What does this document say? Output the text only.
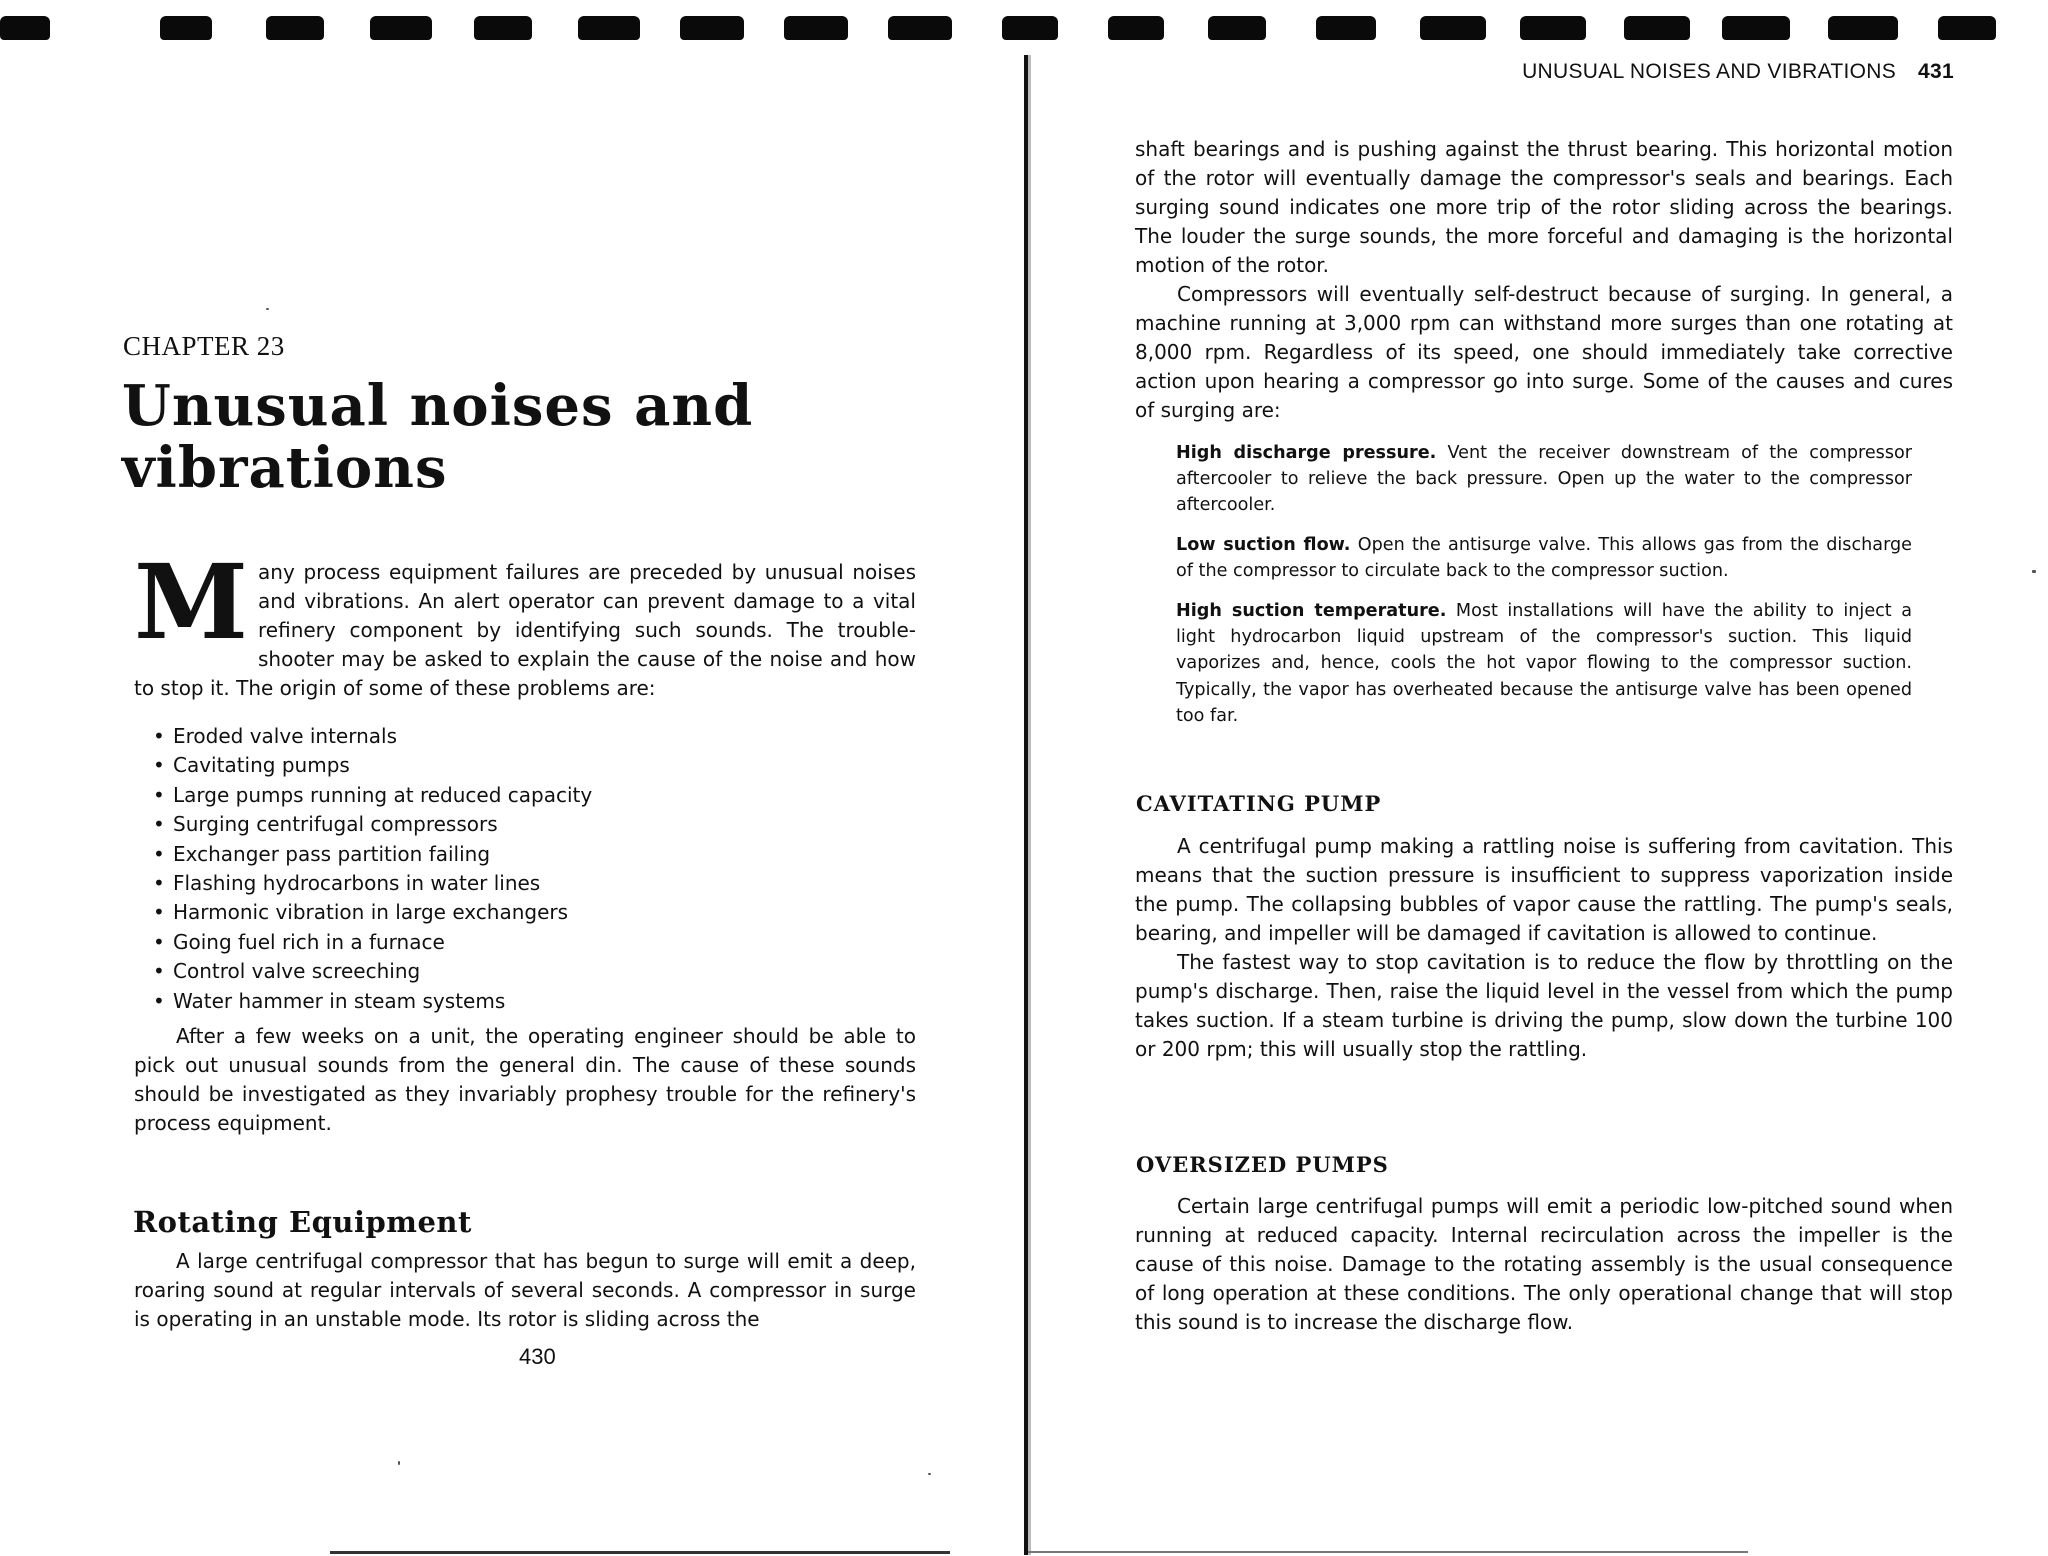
CHAPTER 23
Unusual noises and vibrations

Many process equipment failures are preceded by unusual noises and vibrations. An alert operator can prevent damage to a vital refinery component by identifying such sounds. The trouble-shooter may be asked to explain the cause of the noise and how to stop it. The origin of some of these problems are:

• Eroded valve internals
• Cavitating pumps
• Large pumps running at reduced capacity
• Surging centrifugal compressors
• Exchanger pass partition failing
• Flashing hydrocarbons in water lines
• Harmonic vibration in large exchangers
• Going fuel rich in a furnace
• Control valve screeching
• Water hammer in steam systems

After a few weeks on a unit, the operating engineer should be able to pick out unusual sounds from the general din. The cause of these sounds should be investigated as they invariably prophesy trouble for the refinery's process equipment.

Rotating Equipment

A large centrifugal compressor that has begun to surge will emit a deep, roaring sound at regular intervals of several seconds. A compressor in surge is operating in an unstable mode. Its rotor is sliding across the

430
UNUSUAL NOISES AND VIBRATIONS 431

shaft bearings and is pushing against the thrust bearing. This horizontal motion of the rotor will eventually damage the compressor's seals and bearings. Each surging sound indicates one more trip of the rotor sliding across the bearings. The louder the surge sounds, the more forceful and damaging is the horizontal motion of the rotor.

Compressors will eventually self-destruct because of surging. In general, a machine running at 3,000 rpm can withstand more surges than one rotating at 8,000 rpm. Regardless of its speed, one should immediately take corrective action upon hearing a compressor go into surge. Some of the causes and cures of surging are:

High discharge pressure. Vent the receiver downstream of the compressor aftercooler to relieve the back pressure. Open up the water to the compressor aftercooler.

Low suction flow. Open the antisurge valve. This allows gas from the discharge of the compressor to circulate back to the compressor suction.

High suction temperature. Most installations will have the ability to inject a light hydrocarbon liquid upstream of the compressor's suction. This liquid vaporizes and, hence, cools the hot vapor flowing to the compressor suction. Typically, the vapor has overheated because the antisurge valve has been opened too far.

CAVITATING PUMP

A centrifugal pump making a rattling noise is suffering from cavitation. This means that the suction pressure is insufficient to suppress vaporization inside the pump. The collapsing bubbles of vapor cause the rattling. The pump's seals, bearing, and impeller will be damaged if cavitation is allowed to continue.

The fastest way to stop cavitation is to reduce the flow by throttling on the pump's discharge. Then, raise the liquid level in the vessel from which the pump takes suction. If a steam turbine is driving the pump, slow down the turbine 100 or 200 rpm; this will usually stop the rattling.

OVERSIZED PUMPS

Certain large centrifugal pumps will emit a periodic low-pitched sound when running at reduced capacity. Internal recirculation across the impeller is the cause of this noise. Damage to the rotating assembly is the usual consequence of long operation at these conditions. The only operational change that will stop this sound is to increase the discharge flow.
